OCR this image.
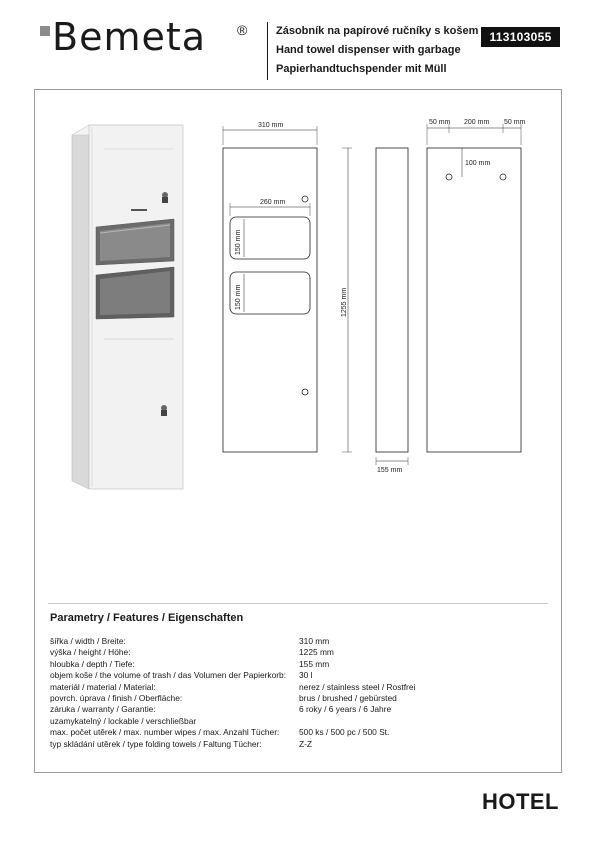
Bemeta ®	Zásobník na papírové ručníky s košem
Hand towel dispenser with garbage
Papierhandtuchspender mit Müll
113103055
310 mm
260 mm
150 mm
150 mm	1255 mm
155 mm
50 mm 200 mm 50 mm
100 mm
Parametry / Features / Eigenschaften
šířka / width / Breite:	310 mm
výška / height / Höhe:	1225 mm
hloubka / depth / Tiefe:	155 mm
objem koše / the volume of trash / das Volumen der Papierkorb: 30 l
materiál / material / Material:	nerez / stainless steel / Rostfrei
povrch. úprava / finish / Oberfläche:	brus / brushed / gebürsted
záruka / warranty / Garantie:	6 roky / 6 years / 6 Jahre
uzamykatelný / lockable / verschließbar
max. počet utěrek / max. number wipes / max. Anzahl Tücher: 500 ks / 500 pc / 500 St.
typ skládání utěrek / type folding towels / Faltung Tücher:	Z-Z
HOTEL
